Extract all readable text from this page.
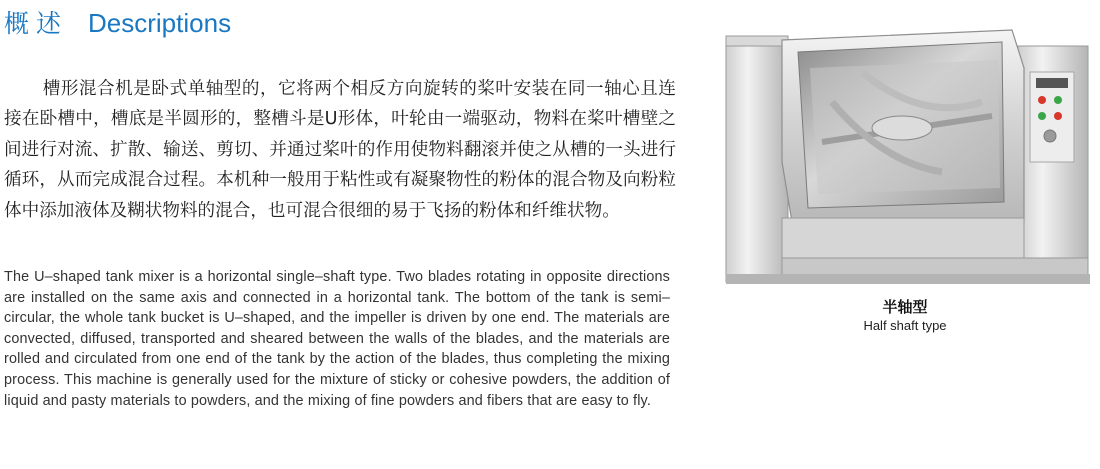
概述 Descriptions

槽形混合机是卧式单轴型的，它将两个相反方向旋转的桨叶安装在同一轴心且连接在卧槽中，槽底是半圆形的，整槽斗是U形体，叶轮由一端驱动，物料在桨叶槽壁之间进行对流、扩散、输送、剪切、并通过桨叶的作用使物料翻滚并使之从槽的一头进行循环，从而完成混合过程。本机种一般用于粘性或有凝聚物性的粉体的混合物及向粉粒体中添加液体及糊状物料的混合，也可混合很细的易于飞扬的粉体和纤维状物。

The U–shaped tank mixer is a horizontal single–shaft type. Two blades rotating in opposite directions are installed on the same axis and connected in a horizontal tank. The bottom of the tank is semi–circular, the whole tank bucket is U–shaped, and the impeller is driven by one end. The materials are convected, diffused, transported and sheared between the walls of the blades, and the materials are rolled and circulated from one end of the tank by the action of the blades, thus completing the mixing process. This machine is generally used for the mixture of sticky or cohesive powders, the addition of liquid and pasty materials to powders, and the mixing of fine powders and fibers that are easy to fly.

半轴型
Half shaft type
